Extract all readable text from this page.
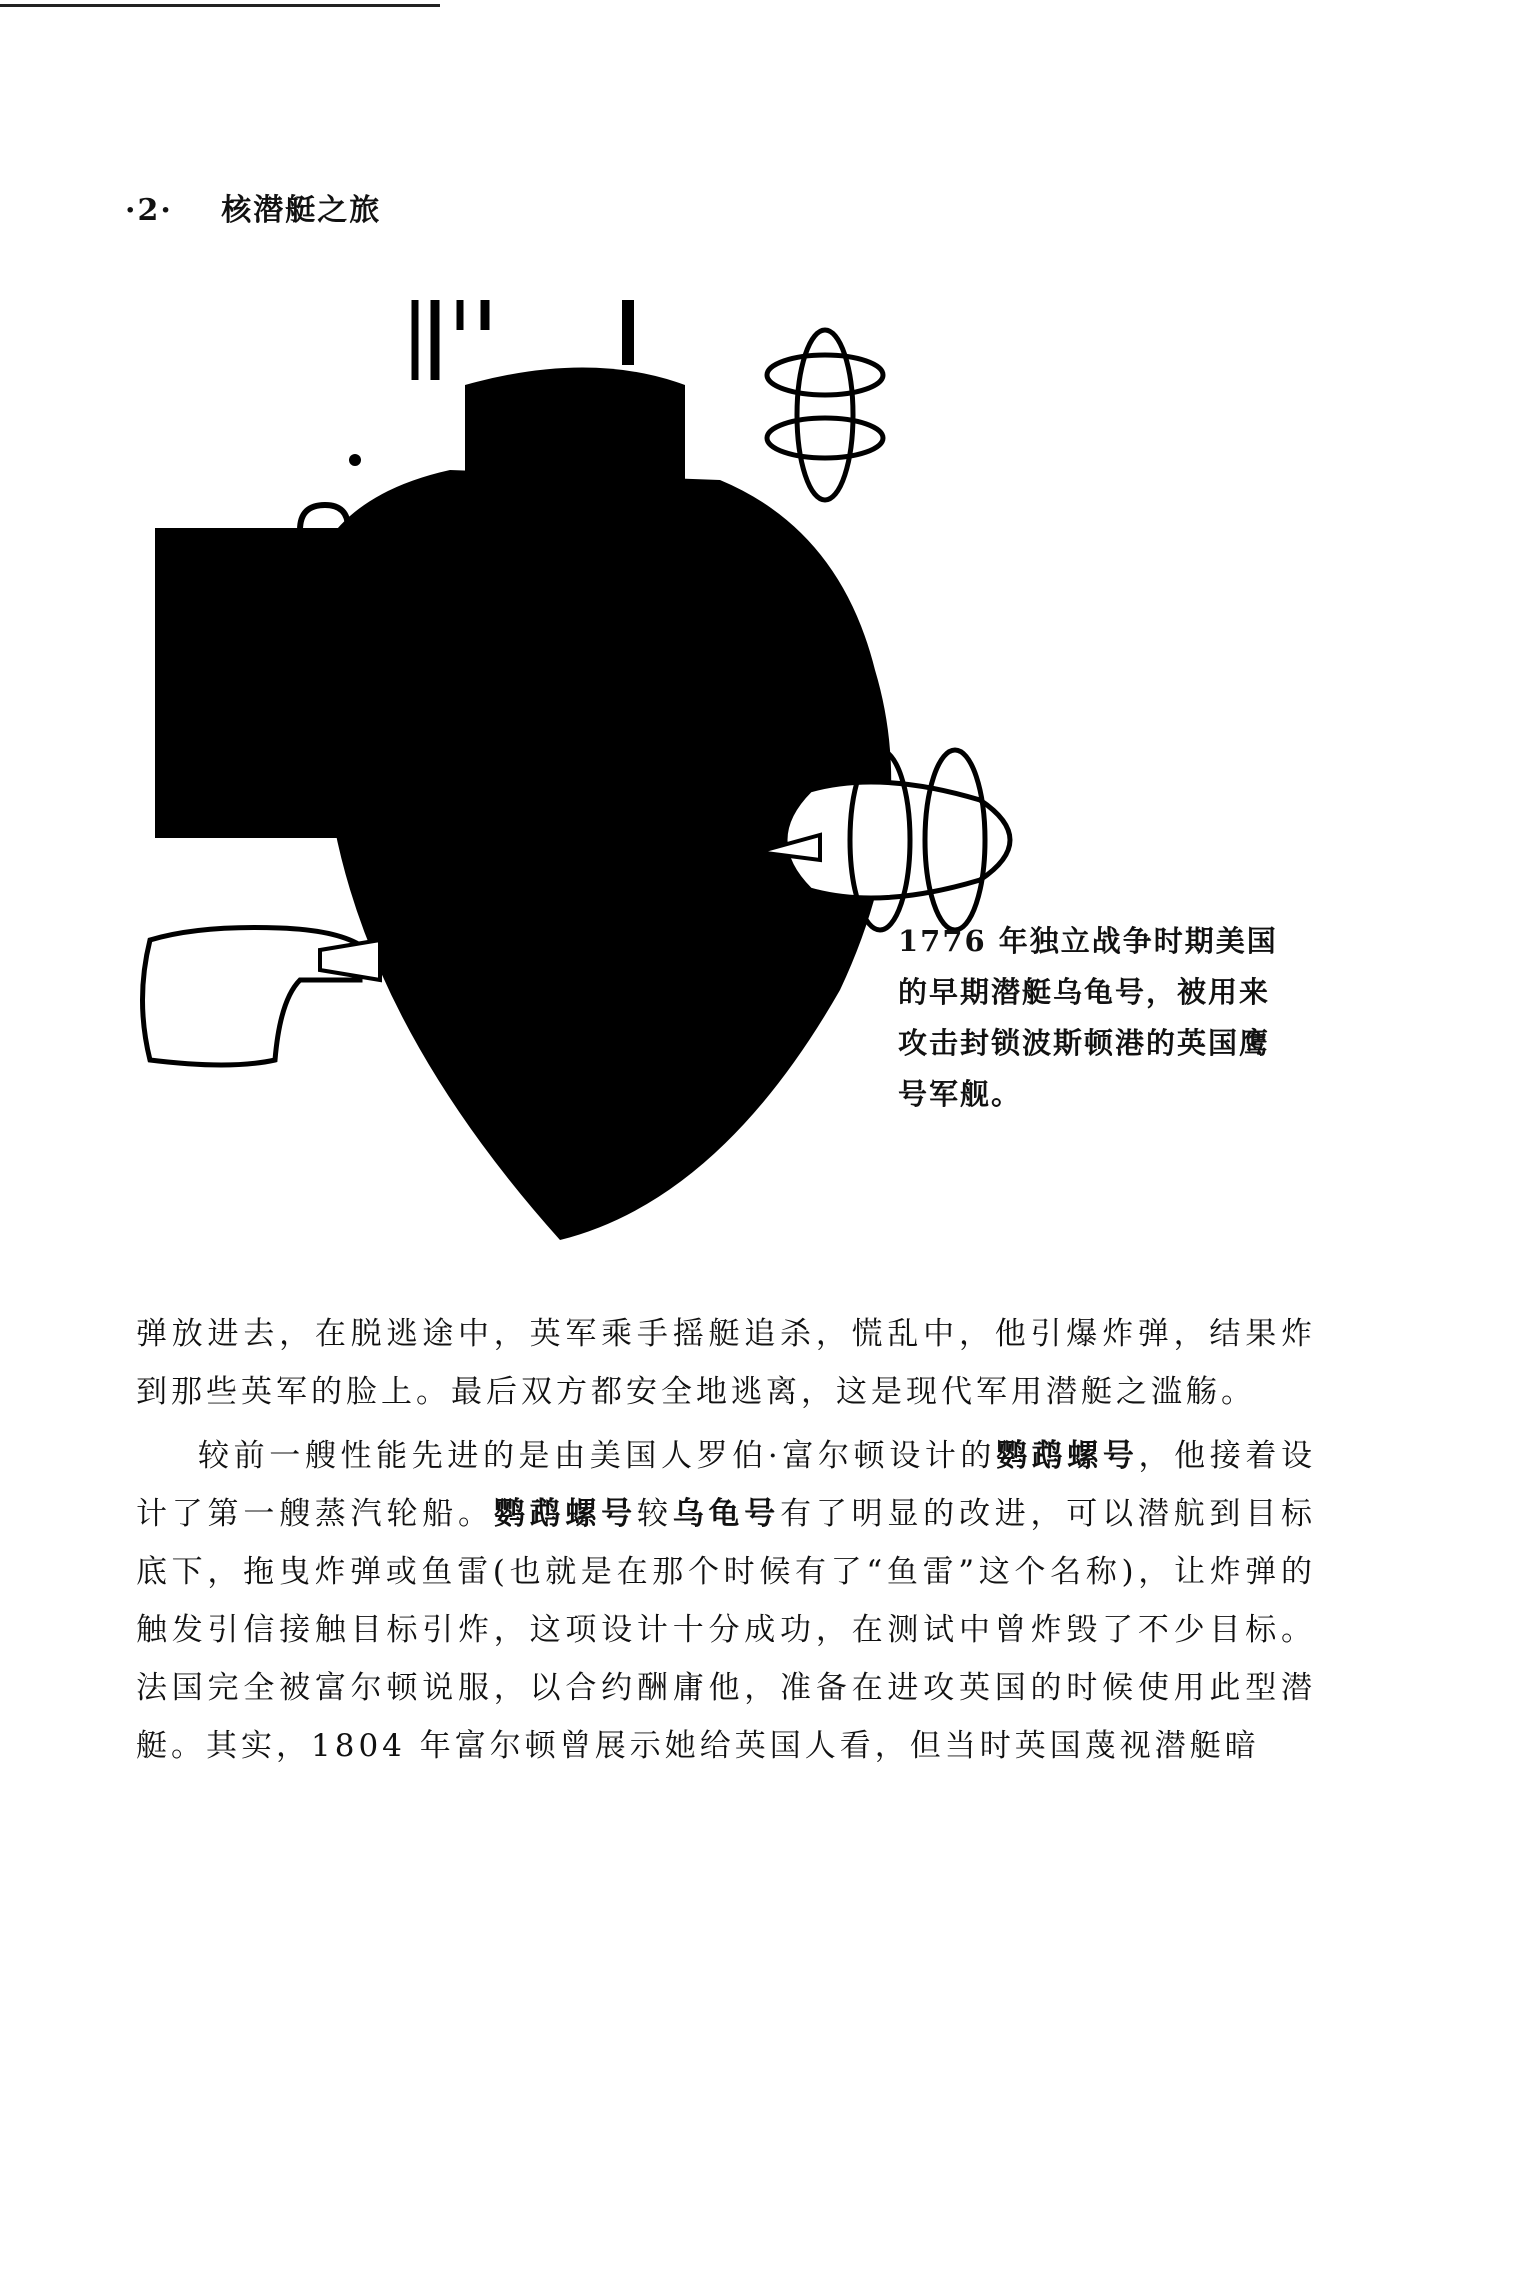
·2· 核潜艇之旅
1776 年独立战争时期美国的早期潜艇乌龟号，被用来攻击封锁波斯顿港的英国鹰号军舰。

弹放进去，在脱逃途中，英军乘手摇艇追杀，慌乱中，他引爆炸弹，结果炸到那些英军的脸上。最后双方都安全地逃离，这是现代军用潜艇之滥觞。

较前一艘性能先进的是由美国人罗伯·富尔顿设计的鹦鹉螺号，他接着设计了第一艘蒸汽轮船。鹦鹉螺号较乌龟号有了明显的改进，可以潜航到目标底下，拖曳炸弹或鱼雷(也就是在那个时候有了“鱼雷”这个名称)，让炸弹的触发引信接触目标引炸，这项设计十分成功，在测试中曾炸毁了不少目标。法国完全被富尔顿说服，以合约酬庸他，准备在进攻英国的时候使用此型潜艇。其实，1804 年富尔顿曾展示她给英国人看，但当时英国蔑视潜艇暗
